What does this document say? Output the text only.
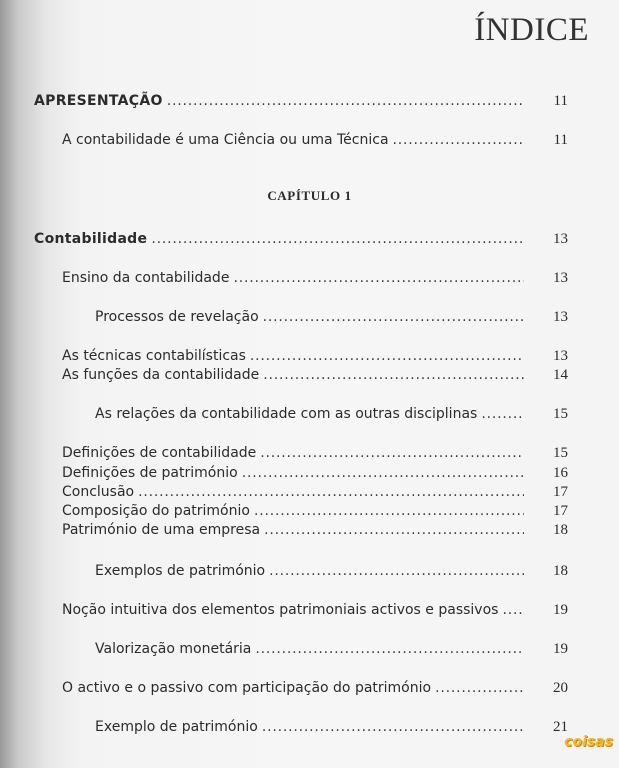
ÍNDICE
APRESENTAÇÃO .....	11
A contabilidade é uma Ciência ou uma Técnica .....	11
CAPÍTULO 1
Contabilidade .....	13
Ensino da contabilidade .....	13
Processos de revelação .....	13
As técnicas contabilísticas .....	13
As funções da contabilidade .....	14
As relações da contabilidade com as outras disciplinas .....	15
Definições de contabilidade .....	15
Definições de património .....	16
Conclusão .....	17
Composição do património .....	17
Património de uma empresa .....	18
Exemplos de património .....	18
Noção intuitiva dos elementos patrimoniais activos e passivos .....	19
Valorização monetária .....	19
O activo e o passivo com participação do património .....	20
Exemplo de património .....	21
coisas
